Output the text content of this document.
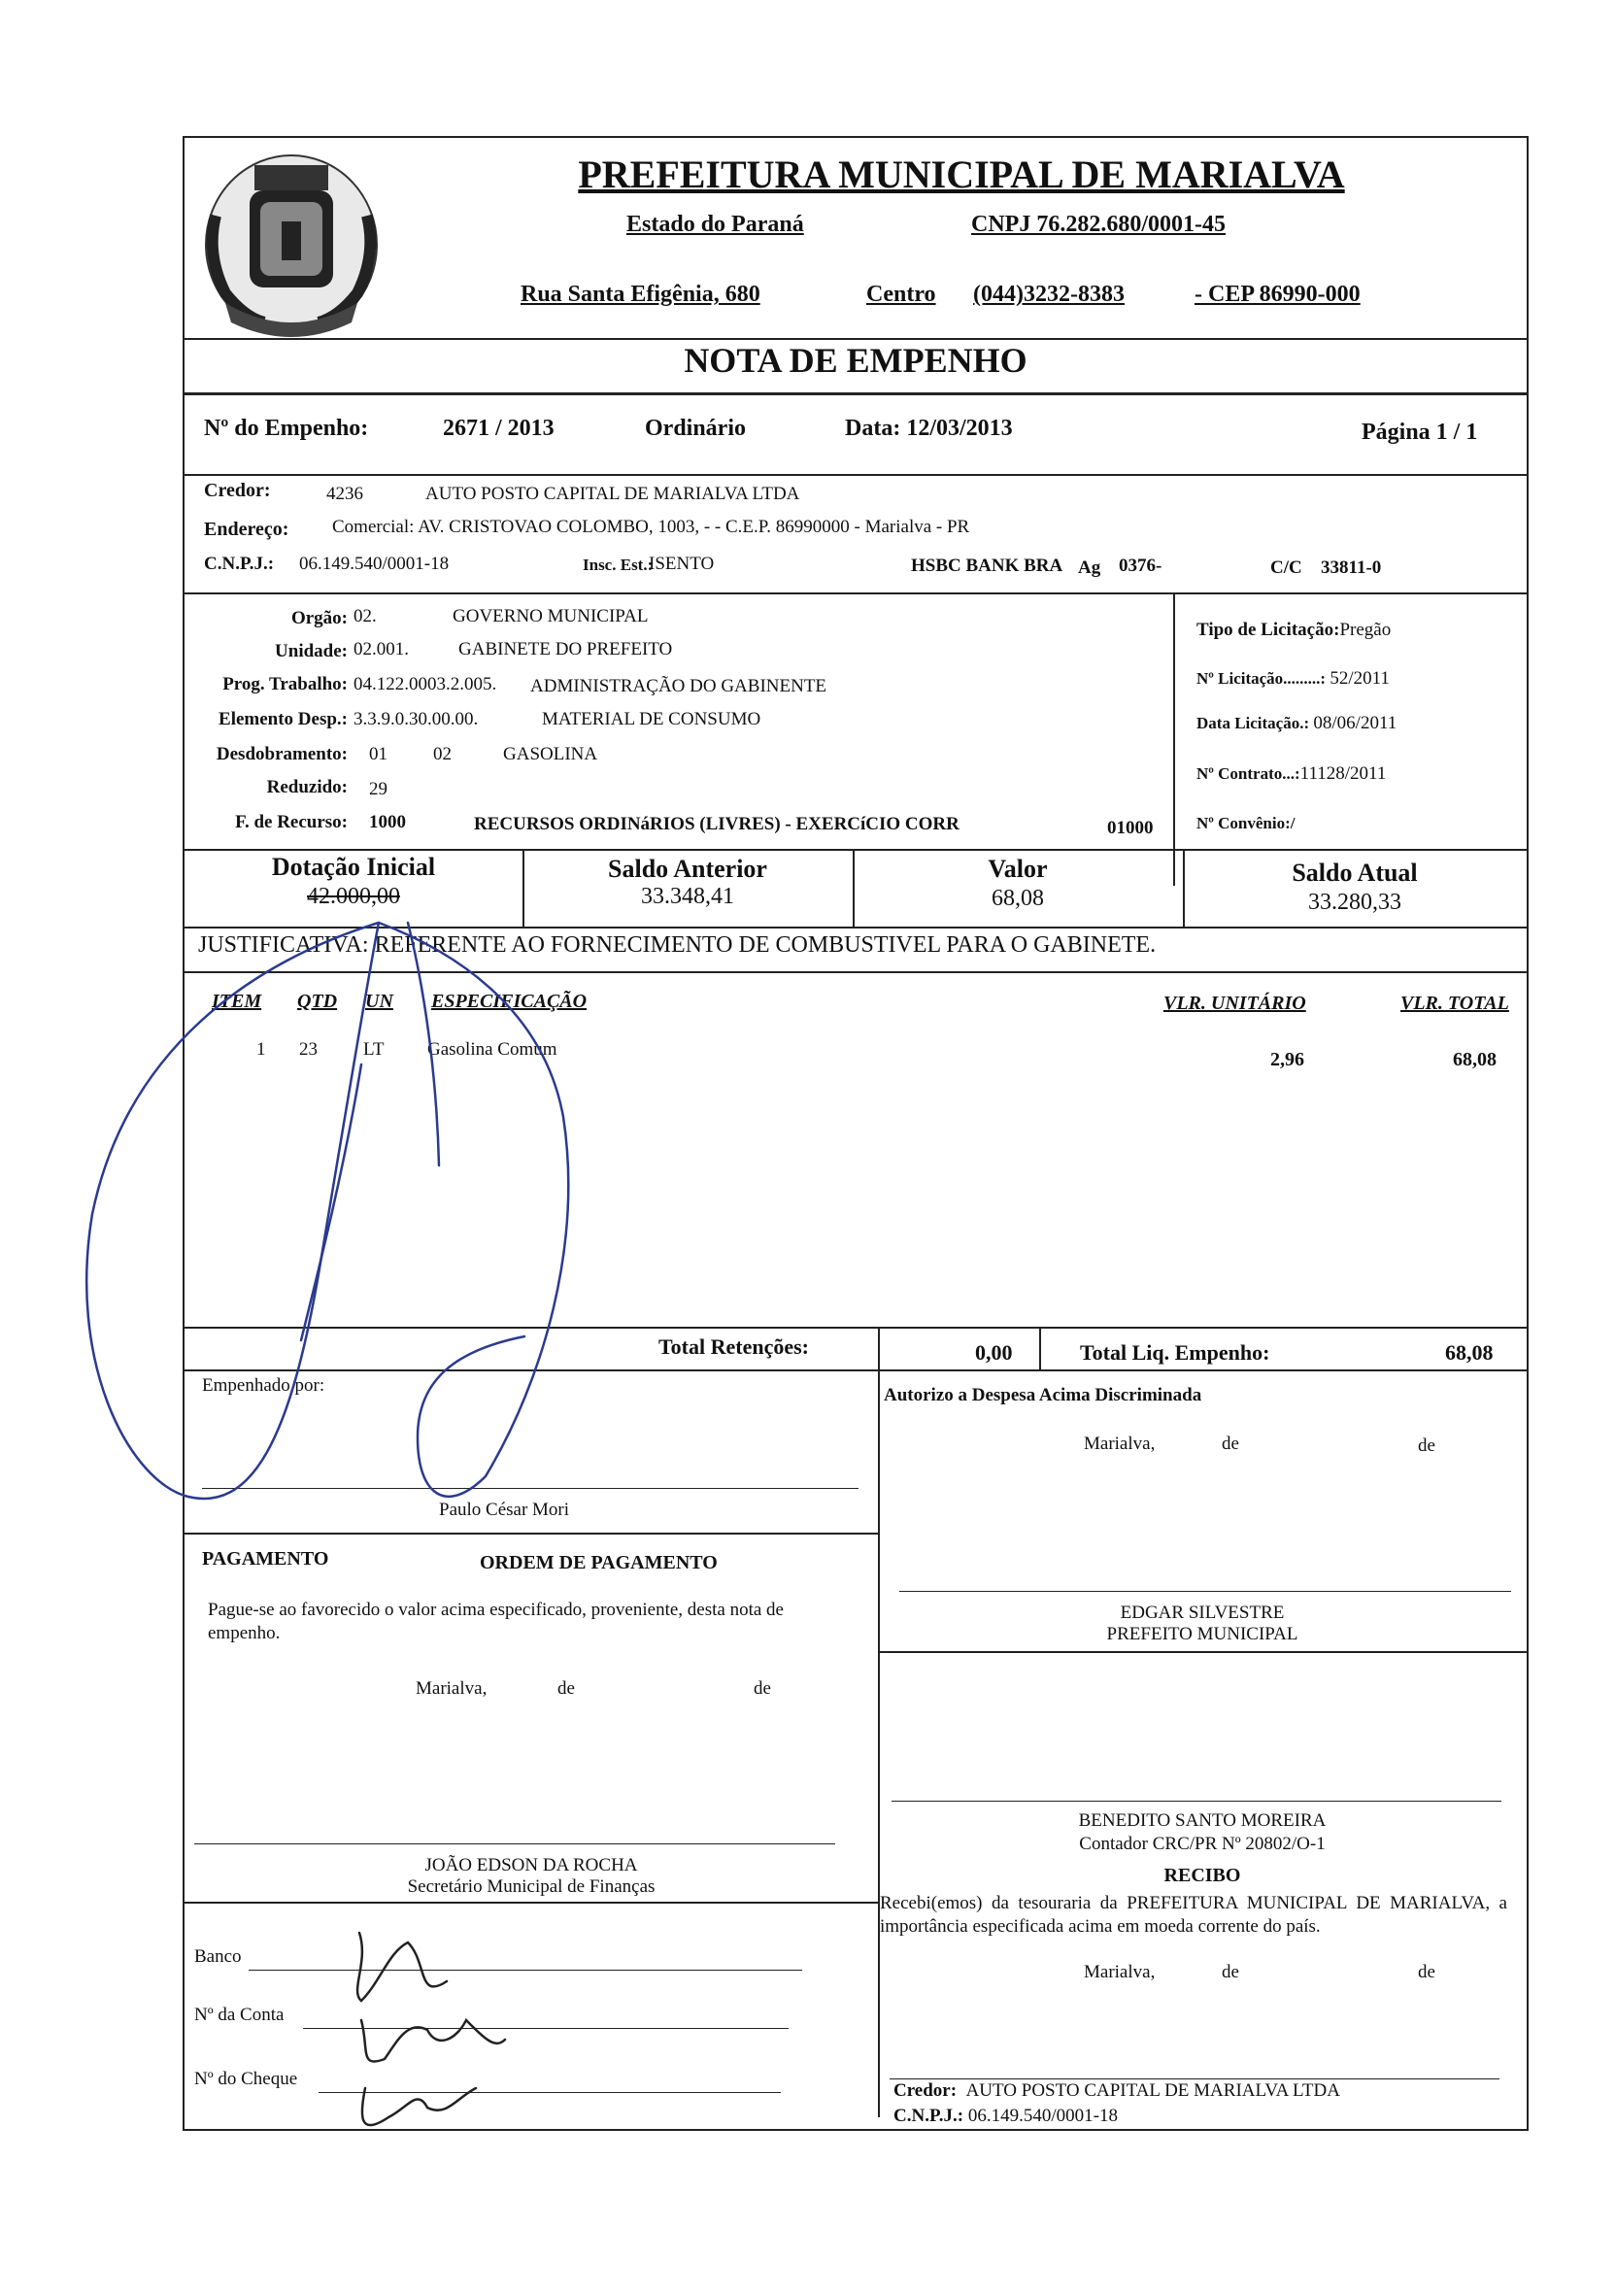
PREFEITURA MUNICIPAL DE MARIALVA
Estado do Paraná	CNPJ 76.282.680/0001-45
Rua Santa Efigênia, 680	Centro (044)3232-8383	- CEP 86990-000
NOTA DE EMPENHO
Nº do Empenho:	2671 / 2013	Ordinário	Data: 12/03/2013	Página 1 / 1
Credor:	4236	AUTO POSTO CAPITAL DE MARIALVA LTDA
Endereço: Comercial: AV. CRISTOVAO COLOMBO, 1003, - - C.E.P. 86990000 - Marialva - PR
C.N.P.J.: 06.149.540/0001-18	Insc. Est.:
ISENTO	HSBC BANK BRA Ag 0376-	C/C 33811-0
Orgão: 02.	GOVERNO MUNICIPAL
Unidade: 02.001.	GABINETE DO PREFEITO
Prog. Trabalho: 04.122.0003.2.005. ADMINISTRAÇÃO DO GABINENTE
Elemento Desp.: 3.3.9.0.30.00.00.	MATERIAL DE CONSUMO
Desdobramento: 01 02	GASOLINA
Reduzido: 29
F. de Recurso: 1000	RECURSOS ORDINáRIOS (LIVRES) - EXERCíCIO CORR	01000
Tipo de Licitação:Pregão
Nº Licitação.........: 52/2011
Data Licitação.: 08/06/2011
Nº Contrato...:11128/2011
Nº Convênio:/
Dotação Inicial
42.000,00
Saldo Anterior
33.348,41
Valor
68,08
Saldo Atual
33.280,33
JUSTIFICATIVA: REFERENTE AO FORNECIMENTO DE COMBUSTIVEL PARA O GABINETE.
ITEM QTD UN ESPECIFICAÇÃO	VLR. UNITÁRIO	VLR. TOTAL
1 23 LT Gasolina Comum	2,96	68,08
Total Retenções:	0,00	Total Liq. Empenho:	68,08
Empenhado por:
Paulo César Mori
Autorizo a Despesa Acima Discriminada
Marialva,	de	de
PAGAMENTO	ORDEM DE PAGAMENTO
Pague-se ao favorecido o valor acima especificado, proveniente, desta nota de empenho.
Marialva,	de	de
EDGAR SILVESTRE
PREFEITO MUNICIPAL
BENEDITO SANTO MOREIRA
Contador CRC/PR Nº 20802/O-1
RECIBO
Recebi(emos) da tesouraria da PREFEITURA MUNICIPAL DE MARIALVA, a importância especificada acima em moeda corrente do país.
Marialva,	de	de
JOÃO EDSON DA ROCHA
Secretário Municipal de Finanças
Banco
Nº da Conta
Nº do Cheque
Credor: AUTO POSTO CAPITAL DE MARIALVA LTDA
C.N.P.J.: 06.149.540/0001-18
